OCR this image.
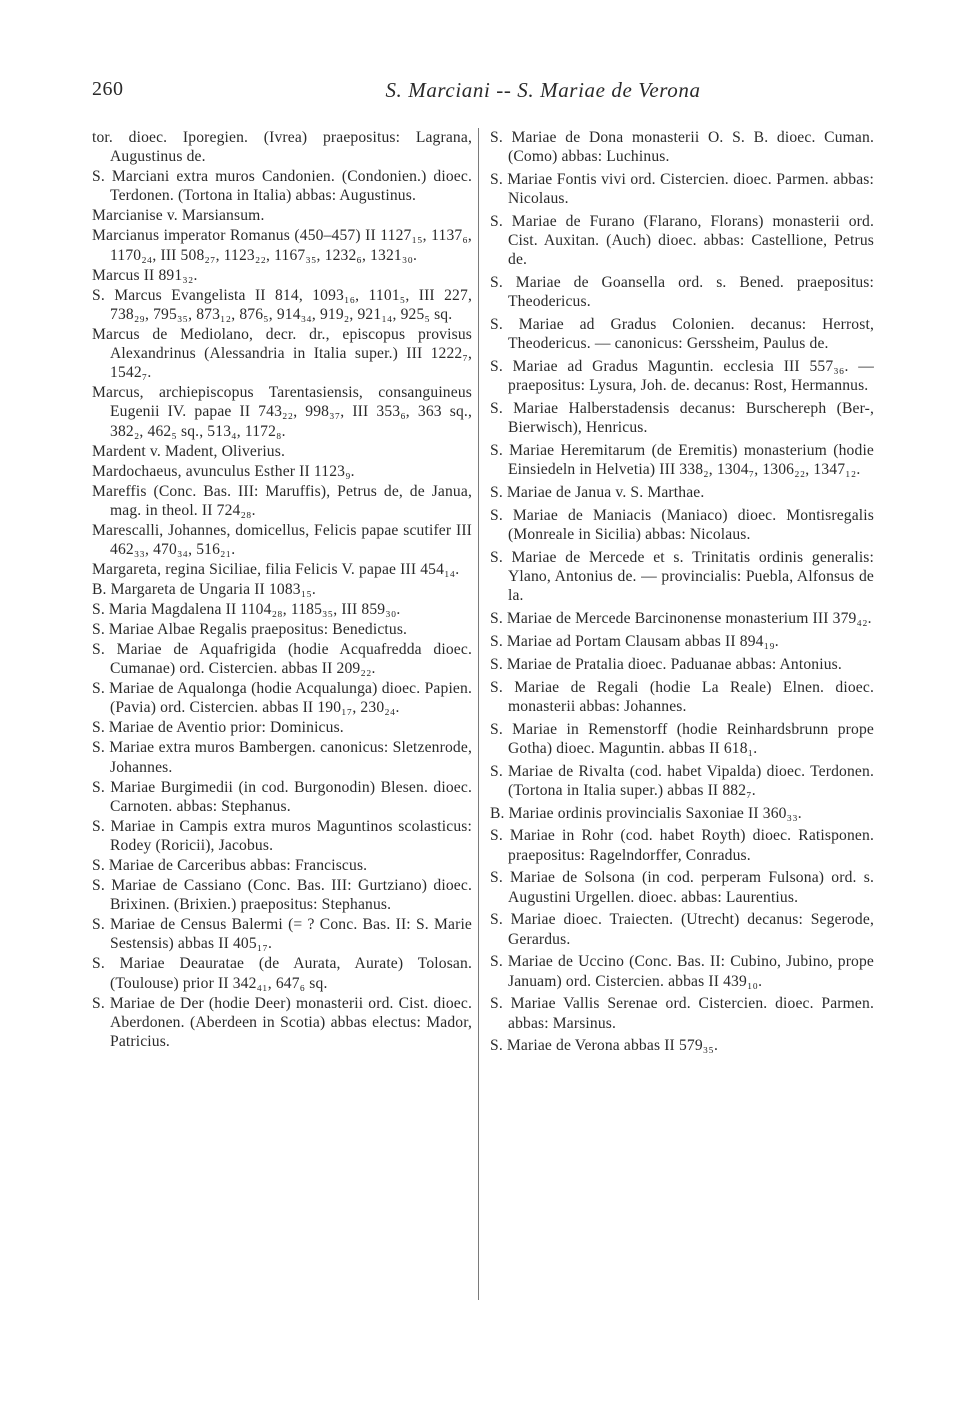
260	S. Marciani -- S. Mariae de Verona

tor. dioec. Iporegien. (Ivrea) praepositus: Lagrana, Augustinus de.

S. Marciani extra muros Candonien. (Condonien.) dioec. Terdonen. (Tortona in Italia) abbas: Augustinus.

Marcianise v. Marsiansum.

Marcianus imperator Romanus (450–457) II 1127₁₅, 1137₆, 1170₂₄, III 508₂₇, 1123₂₂, 1167₃₅, 1232₆, 1321₃₀.

Marcus II 891₃₂.

S. Marcus Evangelista II 814, 1093₁₆, 1101₅, III 227, 738₂₉, 795₃₅, 873₁₂, 876₅, 914₃₄, 919₂, 921₁₄, 925₅ sq.

Marcus de Mediolano, decr. dr., episcopus provisus Alexandrinus (Alessandria in Italia super.) III 1222₇, 1542₇.

Marcus, archiepiscopus Tarentasiensis, consanguineus Eugenii IV. papae II 743₂₂, 998₃₇, III 353₆, 363 sq., 382₂, 462₅ sq., 513₄, 1172₈.

Mardent v. Madent, Oliverius.

Mardochaeus, avunculus Esther II 1123₉.

Mareffis (Conc. Bas. III: Maruffis), Petrus de, de Janua, mag. in theol. II 724₂₈.

Marescalli, Johannes, domicellus, Felicis papae scutifer III 462₃₃, 470₃₄, 516₂₁.

Margareta, regina Siciliae, filia Felicis V. papae III 454₁₄.

B. Margareta de Ungaria II 1083₁₅.

S. Maria Magdalena II 1104₂₈, 1185₃₅, III 859₃₀.

S. Mariae Albae Regalis praepositus: Benedictus.

S. Mariae de Aquafrigida (hodie Acquafredda dioec. Cumanae) ord. Cistercien. abbas II 209₂₂.

S. Mariae de Aqualonga (hodie Acqualunga) dioec. Papien. (Pavia) ord. Cistercien. abbas II 190₁₇, 230₂₄.

S. Mariae de Aventio prior: Dominicus.

S. Mariae extra muros Bambergen. canonicus: Sletzenrode, Johannes.

S. Mariae Burgimedii (in cod. Burgonodin) Blesen. dioec. Carnoten. abbas: Stephanus.

S. Mariae in Campis extra muros Maguntinos scolasticus: Rodey (Roricii), Jacobus.

S. Mariae de Carceribus abbas: Franciscus.

S. Mariae de Cassiano (Conc. Bas. III: Gurtziano) dioec. Brixinen. (Brixien.) praepositus: Stephanus.

S. Mariae de Census Balermi (= ? Conc. Bas. II: S. Marie Sestensis) abbas II 405₁₇.

S. Mariae Deauratae (de Aurata, Aurate) Tolosan. (Toulouse) prior II 342₄₁, 647₆ sq.

S. Mariae de Der (hodie Deer) monasterii ord. Cist. dioec. Aberdonen. (Aberdeen in Scotia) abbas electus: Mador, Patricius.

S. Mariae de Dona monasterii O. S. B. dioec. Cuman. (Como) abbas: Luchinus.

S. Mariae Fontis vivi ord. Cistercien. dioec. Parmen. abbas: Nicolaus.

S. Mariae de Furano (Flarano, Florans) monasterii ord. Cist. Auxitan. (Auch) dioec. abbas: Castellione, Petrus de.

S. Mariae de Goansella ord. s. Bened. praepositus: Theodericus.

S. Mariae ad Gradus Colonien. decanus: Herrost, Theodericus. — canonicus: Gerssheim, Paulus de.

S. Mariae ad Gradus Maguntin. ecclesia III 557₃₆. — praepositus: Lysura, Joh. de. decanus: Rost, Hermannus.

S. Mariae Halberstadensis decanus: Burschereph (Ber-, Bierwisch), Henricus.

S. Mariae Heremitarum (de Eremitis) monasterium (hodie Einsiedeln in Helvetia) III 338₂, 1304₇, 1306₂₂, 1347₁₂.

S. Mariae de Janua v. S. Marthae.

S. Mariae de Maniacis (Maniaco) dioec. Montisregalis (Monreale in Sicilia) abbas: Nicolaus.

S. Mariae de Mercede et s. Trinitatis ordinis generalis: Ylano, Antonius de. — provincialis: Puebla, Alfonsus de la.

S. Mariae de Mercede Barcinonense monasterium III 379₄₂.

S. Mariae ad Portam Clausam abbas II 894₁₉.

S. Mariae de Pratalia dioec. Paduanae abbas: Antonius.

S. Mariae de Regali (hodie La Reale) Elnen. dioec. monasterii abbas: Johannes.

S. Mariae in Remenstorff (hodie Reinhardsbrunn prope Gotha) dioec. Maguntin. abbas II 618₁.

S. Mariae de Rivalta (cod. habet Vipalda) dioec. Terdonen. (Tortona in Italia super.) abbas II 882₇.

B. Mariae ordinis provincialis Saxoniae II 360₃₃.

S. Mariae in Rohr (cod. habet Royth) dioec. Ratisponen. praepositus: Ragelndorffer, Conradus.

S. Mariae de Solsona (in cod. perperam Fulsona) ord. s. Augustini Urgellen. dioec. abbas: Laurentius.

S. Mariae dioec. Traiecten. (Utrecht) decanus: Segerode, Gerardus.

S. Mariae de Uccino (Conc. Bas. II: Cubino, Jubino, prope Januam) ord. Cistercien. abbas II 439₁₀.

S. Mariae Vallis Serenae ord. Cistercien. dioec. Parmen. abbas: Marsinus.

S. Mariae de Verona abbas II 579₃₅.
